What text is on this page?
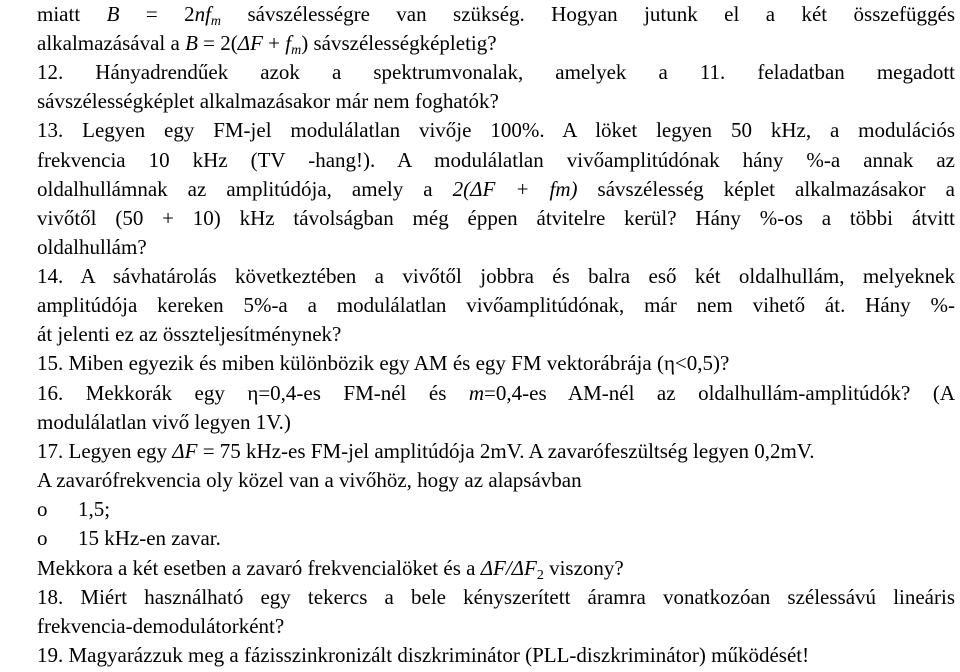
miatt $B = 2nf_m$ sávszélességre van szükség. Hogyan jutunk el a két összefüggés
alkalmazásával a $B = 2(\Delta F + f_m)$ sávszélességképletig?
12. Hányadrendűek azok a spektrumvonalak, amelyek a 11. feladatban megadott
sávszélességképlet alkalmazásakor már nem foghatók?
13. Legyen egy FM-jel modulálatlan vivője 100%. A löket legyen 50 kHz, a modulációs
frekvencia 10 kHz (TV -hang!). A modulálatlan vivőamplitúdónak hány %-a annak az
oldalhullámnak az amplitúdója, amely a 2(ΔF + fm) sávszélesség képlet alkalmazásakor a
vivőtől (50 + 10) kHz távolságban még éppen átvitelre kerül? Hány %-os a többi átvitt
oldalhullám?
14. A sávhatárolás következtében a vivőtől jobbra és balra eső két oldalhullám, melyeknek
amplitúdója kereken 5%-a a modulálatlan vivőamplitúdónak, már nem vihető át. Hány %-
át jelenti ez az összteljesítménynek?
15. Miben egyezik és miben különbözik egy AM és egy FM vektorábrája (η<0,5)?
16. Mekkorák egy η=0,4-es FM-nél és m=0,4-es AM-nél az oldalhullám-amplitúdók? (A
modulálatlan vivő legyen 1V.)
17. Legyen egy ΔF = 75 kHz-es FM-jel amplitúdója 2mV. A zavarófeszültség legyen 0,2mV.
A zavarófrekvencia oly közel van a vivőhöz, hogy az alapsávban
o 1,5;
o 15 kHz-en zavar.
Mekkora a két esetben a zavaró frekvencialöket és a $\Delta F/\Delta F_2$ viszony?
18. Miért használható egy tekercs a bele kényszerített áramra vonatkozóan szélessávú lineáris
frekvencia-demodulátorként?
19. Magyarázzuk meg a fázisszinkronizált diszkriminátor (PLL-diszkriminátor) működését!
